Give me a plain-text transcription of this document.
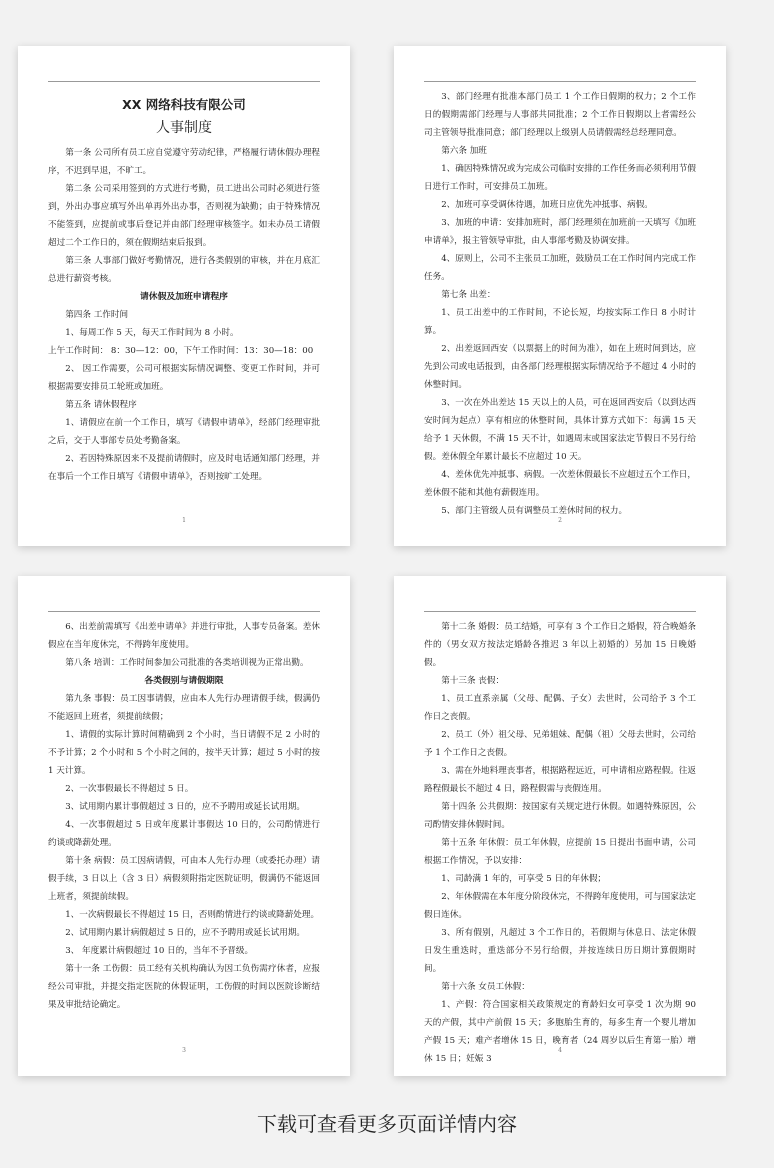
XX 网络科技有限公司
人事制度

第一条 公司所有员工应自觉遵守劳动纪律，严格履行请休假办理程序，不迟到早退，不旷工。

第二条 公司采用签到的方式进行考勤，员工进出公司时必须进行签到，外出办事应填写外出单再外出办事，否则视为缺勤；由于特殊情况不能签到，应提前或事后登记并由部门经理审核签字。如未办员工请假超过二个工作日的，须在假期结束后报到。

第三条 人事部门做好考勤情况，进行各类假别的审核，并在月底汇总进行薪资考核。

请休假及加班申请程序

第四条 工作时间

1、每周工作 5 天，每天工作时间为 8 小时。

上午工作时间： 8：30—12：00，下午工作时间：13：30—18：00

2、 因工作需要，公司可根据实际情况调整、变更工作时间，并可根据需要安排员工轮班或加班。

第五条 请休假程序

1、请假应在前一个工作日，填写《请假申请单》，经部门经理审批之后，交于人事部专员处考勤备案。

2、若因特殊原因来不及提前请假时，应及时电话通知部门经理，并在事后一个工作日填写《请假申请单》，否则按旷工处理。

1

3、部门经理有批准本部门员工 1 个工作日假期的权力；2 个工作日的假期需部门经理与人事部共同批准；2 个工作日假期以上者需经公司主管领导批准同意；部门经理以上级别人员请假需经总经理同意。

第六条 加班

1、确因特殊情况或为完成公司临时安排的工作任务而必须利用节假日进行工作时，可安排员工加班。

2、加班可享受调休待遇，加班日应优先冲抵事、病假。

3、加班的申请：安排加班时，部门经理须在加班前一天填写《加班申请单》，报主管领导审批，由人事部考勤及协调安排。

4、原则上，公司不主张员工加班，鼓励员工在工作时间内完成工作任务。

第七条 出差：

1、员工出差中的工作时间，不论长短，均按实际工作日 8 小时计算。

2、出差返回西安（以票据上的时间为准），如在上班时间到达，应先到公司或电话报到，由各部门经理根据实际情况给予不超过 4 小时的休整时间。

3、一次在外出差达 15 天以上的人员，可在返回西安后（以到达西安时间为起点）享有相应的休整时间，具体计算方式如下：每满 15 天给予 1 天休假，不满 15 天不计，如遇周末或国家法定节假日不另行给假。差休假全年累计最长不应超过 10 天。

4、差休优先冲抵事、病假。一次差休假最长不应超过五个工作日，差休假不能和其他有薪假连用。

5、部门主管级人员有调整员工差休时间的权力。

2

6、出差前需填写《出差申请单》并进行审批，人事专员备案。差休假应在当年度休完，不得跨年度使用。

第八条 培训：工作时间参加公司批准的各类培训视为正常出勤。

各类假别与请假期限

第九条 事假：员工因事请假，应由本人先行办理请假手续，假满仍不能返回上班者，须提前续假；

1、请假的实际计算时间精确到 2 个小时，当日请假不足 2 小时的不予计算；2 个小时和 5 个小时之间的，按半天计算；超过 5 小时的按 1 天计算。

2、一次事假最长不得超过 5 日。

3、试用期内累计事假超过 3 日的，应不予聘用或延长试用期。

4、一次事假超过 5 日或年度累计事假达 10 日的，公司酌情进行约谈或降薪处理。

第十条 病假：员工因病请假，可由本人先行办理（或委托办理）请假手续，3 日以上（含 3 日）病假须附指定医院证明，假满仍不能返回上班者，须提前续假。

1、一次病假最长不得超过 15 日，否则酌情进行约谈或降薪处理。

2、试用期内累计病假超过 5 日的，应不予聘用或延长试用期。

3、 年度累计病假超过 10 日的，当年不予晋级。

第十一条 工伤假：员工经有关机构确认为因工负伤需疗休者，应报经公司审批，并提交指定医院的休假证明，工伤假的时间以医院诊断结果及审批结论确定。

3

第十二条 婚假：员工结婚，可享有 3 个工作日之婚假，符合晚婚条件的（男女双方按法定婚龄各推迟 3 年以上初婚的）另加 15 日晚婚假。

第十三条 丧假：

1、员工直系亲属（父母、配偶、子女）去世时，公司给予 3 个工作日之丧假。

2、员工（外）祖父母、兄弟姐妹、配偶（祖）父母去世时，公司给予 1 个工作日之丧假。

3、需在外地料理丧事者，根据路程远近，可申请相应路程假。往返路程假最长不超过 4 日，路程假需与丧假连用。

第十四条 公共假期：按国家有关规定进行休假。如遇特殊原因，公司酌情安排休假时间。

第十五条 年休假：员工年休假，应提前 15 日提出书面申请，公司根据工作情况，予以安排：

1、司龄满 1 年的，可享受 5 日的年休假；

2、年休假需在本年度分阶段休完，不得跨年度使用，可与国家法定假日连休。

3、所有假别，凡超过 3 个工作日的，若假期与休息日、法定休假日发生重迭时，重迭部分不另行给假，并按连续日历日期计算假期时间。

第十六条 女员工休假：

1、产假：符合国家相关政策规定的育龄妇女可享受 1 次为期 90 天的产假，其中产前假 15 天；多胞胎生育的，每多生育一个婴儿增加产假 15 天；难产者增休 15 日，晚育者（24 周岁以后生育第一胎）增休 15 日；妊娠 3

4
下载可查看更多页面详情内容
